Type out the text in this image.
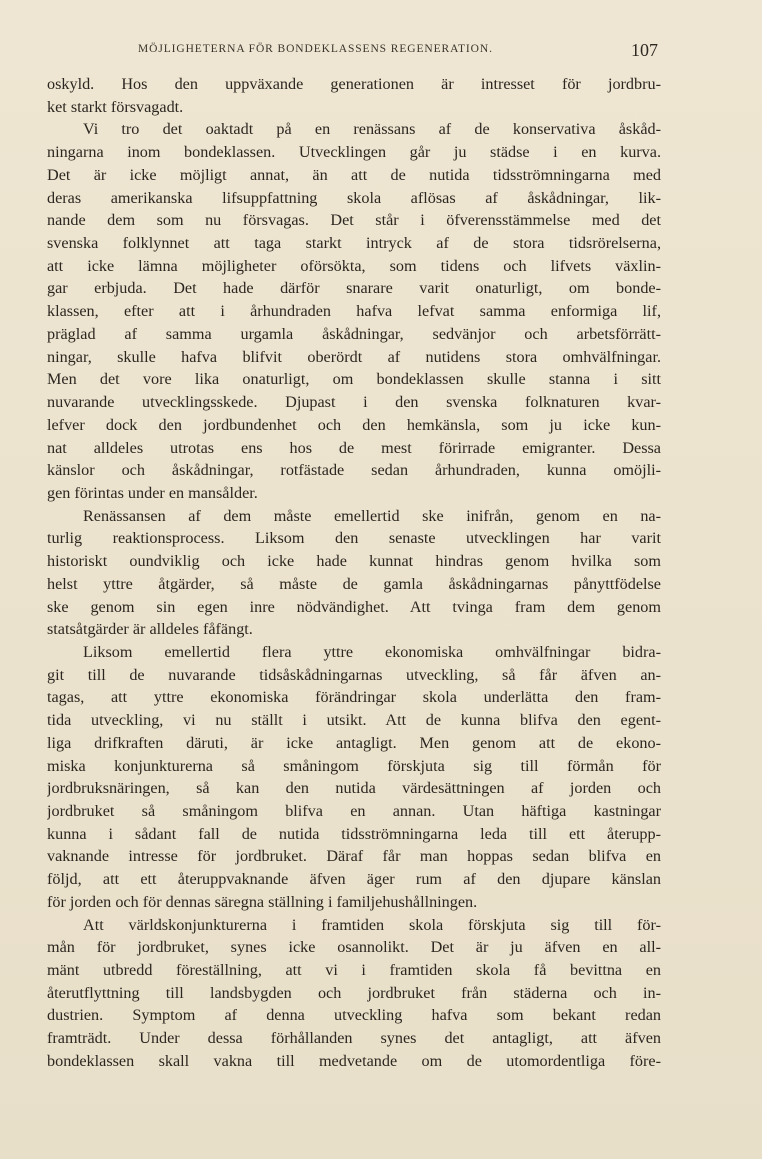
MÖJLIGHETERNA FÖR BONDEKLASSENS REGENERATION.	107
oskyld. Hos den uppväxande generationen är intresset för jordbru-
ket starkt försvagadt.
Vi tro det oaktadt på en renässans af de konservativa åskåd-
ningarna inom bondeklassen. Utvecklingen går ju städse i en kurva.
Det är icke möjligt annat, än att de nutida tidsströmningarna med
deras amerikanska lifsuppfattning skola aflösas af åskådningar, lik-
nande dem som nu försvagas. Det står i öfverensstämmelse med det
svenska folklynnet att taga starkt intryck af de stora tidsrörelserna,
att icke lämna möjligheter oförsökta, som tidens och lifvets växlin-
gar erbjuda. Det hade därför snarare varit onaturligt, om bonde-
klassen, efter att i århundraden hafva lefvat samma enformiga lif,
präglad af samma urgamla åskådningar, sedvänjor och arbetsförrätt-
ningar, skulle hafva blifvit oberördt af nutidens stora omhvälfningar.
Men det vore lika onaturligt, om bondeklassen skulle stanna i sitt
nuvarande utvecklingsskede. Djupast i den svenska folknaturen kvar-
lefver dock den jordbundenhet och den hemkänsla, som ju icke kun-
nat alldeles utrotas ens hos de mest förirrade emigranter. Dessa
känslor och åskådningar, rotfästade sedan århundraden, kunna omöjli-
gen förintas under en mansålder.
Renässansen af dem måste emellertid ske inifrån, genom en na-
turlig reaktionsprocess. Liksom den senaste utvecklingen har varit
historiskt oundviklig och icke hade kunnat hindras genom hvilka som
helst yttre åtgärder, så måste de gamla åskådningarnas pånyttfödelse
ske genom sin egen inre nödvändighet. Att tvinga fram dem genom
statsåtgärder är alldeles fåfängt.
Liksom emellertid flera yttre ekonomiska omhvälfningar bidra-
git till de nuvarande tidsåskådningarnas utveckling, så får äfven an-
tagas, att yttre ekonomiska förändringar skola underlätta den fram-
tida utveckling, vi nu ställt i utsikt. Att de kunna blifva den egent-
liga drifkraften däruti, är icke antagligt. Men genom att de ekono-
miska konjunkturerna så småningom förskjuta sig till förmån för
jordbruksnäringen, så kan den nutida värdesättningen af jorden och
jordbruket så småningom blifva en annan. Utan häftiga kastningar
kunna i sådant fall de nutida tidsströmningarna leda till ett återupp-
vaknande intresse för jordbruket. Däraf får man hoppas sedan blifva en
följd, att ett återuppvaknande äfven äger rum af den djupare känslan
för jorden och för dennas säregna ställning i familjehushållningen.
Att världskonjunkturerna i framtiden skola förskjuta sig till för-
mån för jordbruket, synes icke osannolikt. Det är ju äfven en all-
mänt utbredd föreställning, att vi i framtiden skola få bevittna en
återutflyttning till landsbygden och jordbruket från städerna och in-
dustrien. Symptom af denna utveckling hafva som bekant redan
framträdt. Under dessa förhållanden synes det antagligt, att äfven
bondeklassen skall vakna till medvetande om de utomordentliga före-
